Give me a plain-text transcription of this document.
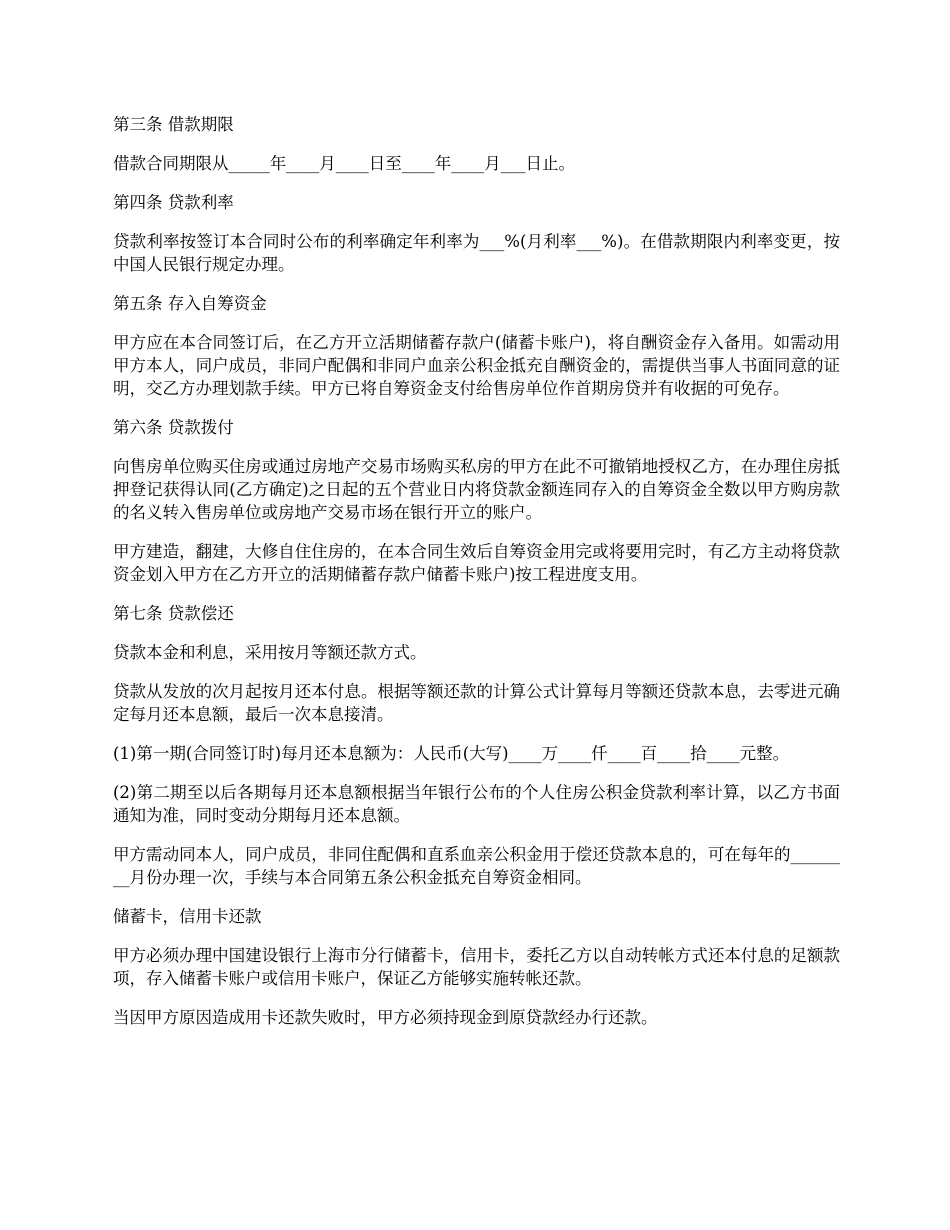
第三条 借款期限

借款合同期限从_____年____月____日至____年____月___日止。

第四条 贷款利率

贷款利率按签订本合同时公布的利率确定年利率为___%(月利率___%)。在借款期限内利率变更，按中国人民银行规定办理。

第五条 存入自筹资金

甲方应在本合同签订后，在乙方开立活期储蓄存款户(储蓄卡账户)，将自酬资金存入备用。如需动用甲方本人，同户成员，非同户配偶和非同户血亲公积金抵充自酬资金的，需提供当事人书面同意的证明，交乙方办理划款手续。甲方已将自筹资金支付给售房单位作首期房贷并有收据的可免存。

第六条 贷款拨付

向售房单位购买住房或通过房地产交易市场购买私房的甲方在此不可撤销地授权乙方，在办理住房抵押登记获得认同(乙方确定)之日起的五个营业日内将贷款金额连同存入的自筹资金全数以甲方购房款的名义转入售房单位或房地产交易市场在银行开立的账户。

甲方建造，翻建，大修自住住房的，在本合同生效后自筹资金用完或将要用完时，有乙方主动将贷款资金划入甲方在乙方开立的活期储蓄存款户储蓄卡账户)按工程进度支用。

第七条 贷款偿还

贷款本金和利息，采用按月等额还款方式。

贷款从发放的次月起按月还本付息。根据等额还款的计算公式计算每月等额还贷款本息，去零进元确定每月还本息额，最后一次本息接清。

(1)第一期(合同签订时)每月还本息额为：人民币(大写)____万____仟____百____拾____元整。

(2)第二期至以后各期每月还本息额根据当年银行公布的个人住房公积金贷款利率计算，以乙方书面通知为准，同时变动分期每月还本息额。

甲方需动同本人，同户成员，非同住配偶和直系血亲公积金用于偿还贷款本息的，可在每年的________月份办理一次，手续与本合同第五条公积金抵充自筹资金相同。

储蓄卡，信用卡还款

甲方必须办理中国建设银行上海市分行储蓄卡，信用卡，委托乙方以自动转帐方式还本付息的足额款项，存入储蓄卡账户或信用卡账户，保证乙方能够实施转帐还款。

当因甲方原因造成用卡还款失败时，甲方必须持现金到原贷款经办行还款。
